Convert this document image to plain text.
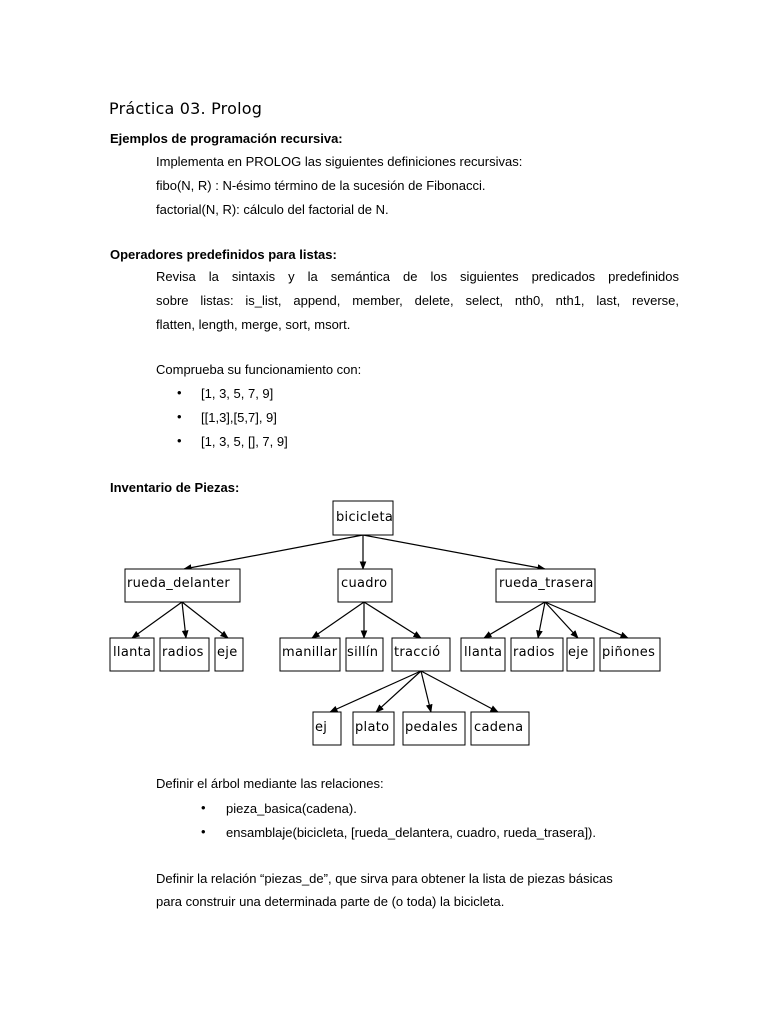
Práctica 03. Prolog
Ejemplos de programación recursiva:
Implementa en PROLOG las siguientes definiciones recursivas:
fibo(N, R) : N-ésimo término de la sucesión de Fibonacci.
factorial(N, R): cálculo del factorial de N.
Operadores predefinidos para listas:
Revisa la sintaxis y la semántica de los siguientes predicados predefinidos
sobre listas: is_list, append, member, delete, select, nth0, nth1, last, reverse,
flatten, length, merge, sort, msort.
Comprueba su funcionamiento con:
• [1, 3, 5, 7, 9]
• [[1,3],[5,7], 9]
• [1, 3, 5, [], 7, 9]
Inventario de Piezas:
bicicleta
rueda_delanter	cuadro	rueda_trasera
llanta radios eje	manillar sillín tracció llanta radios eje piñones
ej plato pedales cadena
Definir el árbol mediante las relaciones:
• pieza_basica(cadena).
• ensamblaje(bicicleta, [rueda_delantera, cuadro, rueda_trasera]).
Definir la relación “piezas_de”, que sirva para obtener la lista de piezas básicas
para construir una determinada parte de (o toda) la bicicleta.
